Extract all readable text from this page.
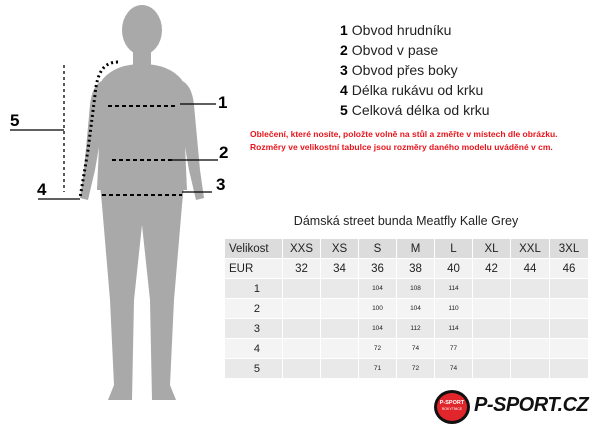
1
2
3
4
5
1 Obvod hrudníku
2 Obvod v pase
3 Obvod přes boky
4 Délka rukávu od krku
5 Celková délka od krku
Oblečení, které nosíte, položte volně na stůl a změřte v místech dle obrázku.
Rozměry ve velikostní tabulce jsou rozměry daného modelu uváděné v cm.
Dámská street bunda Meatfly Kalle Grey
Velikost	XXS	XS	S	M	L	XL	XXL	3XL
EUR	32	34	36	38	40	42	44	46
1			104	108	114			
2			100	104	110			
3			104	112	114			
4			72	74	77			
5			71	72	74			
P-SPORT
ROKYTNICE P-SPORT.CZ
